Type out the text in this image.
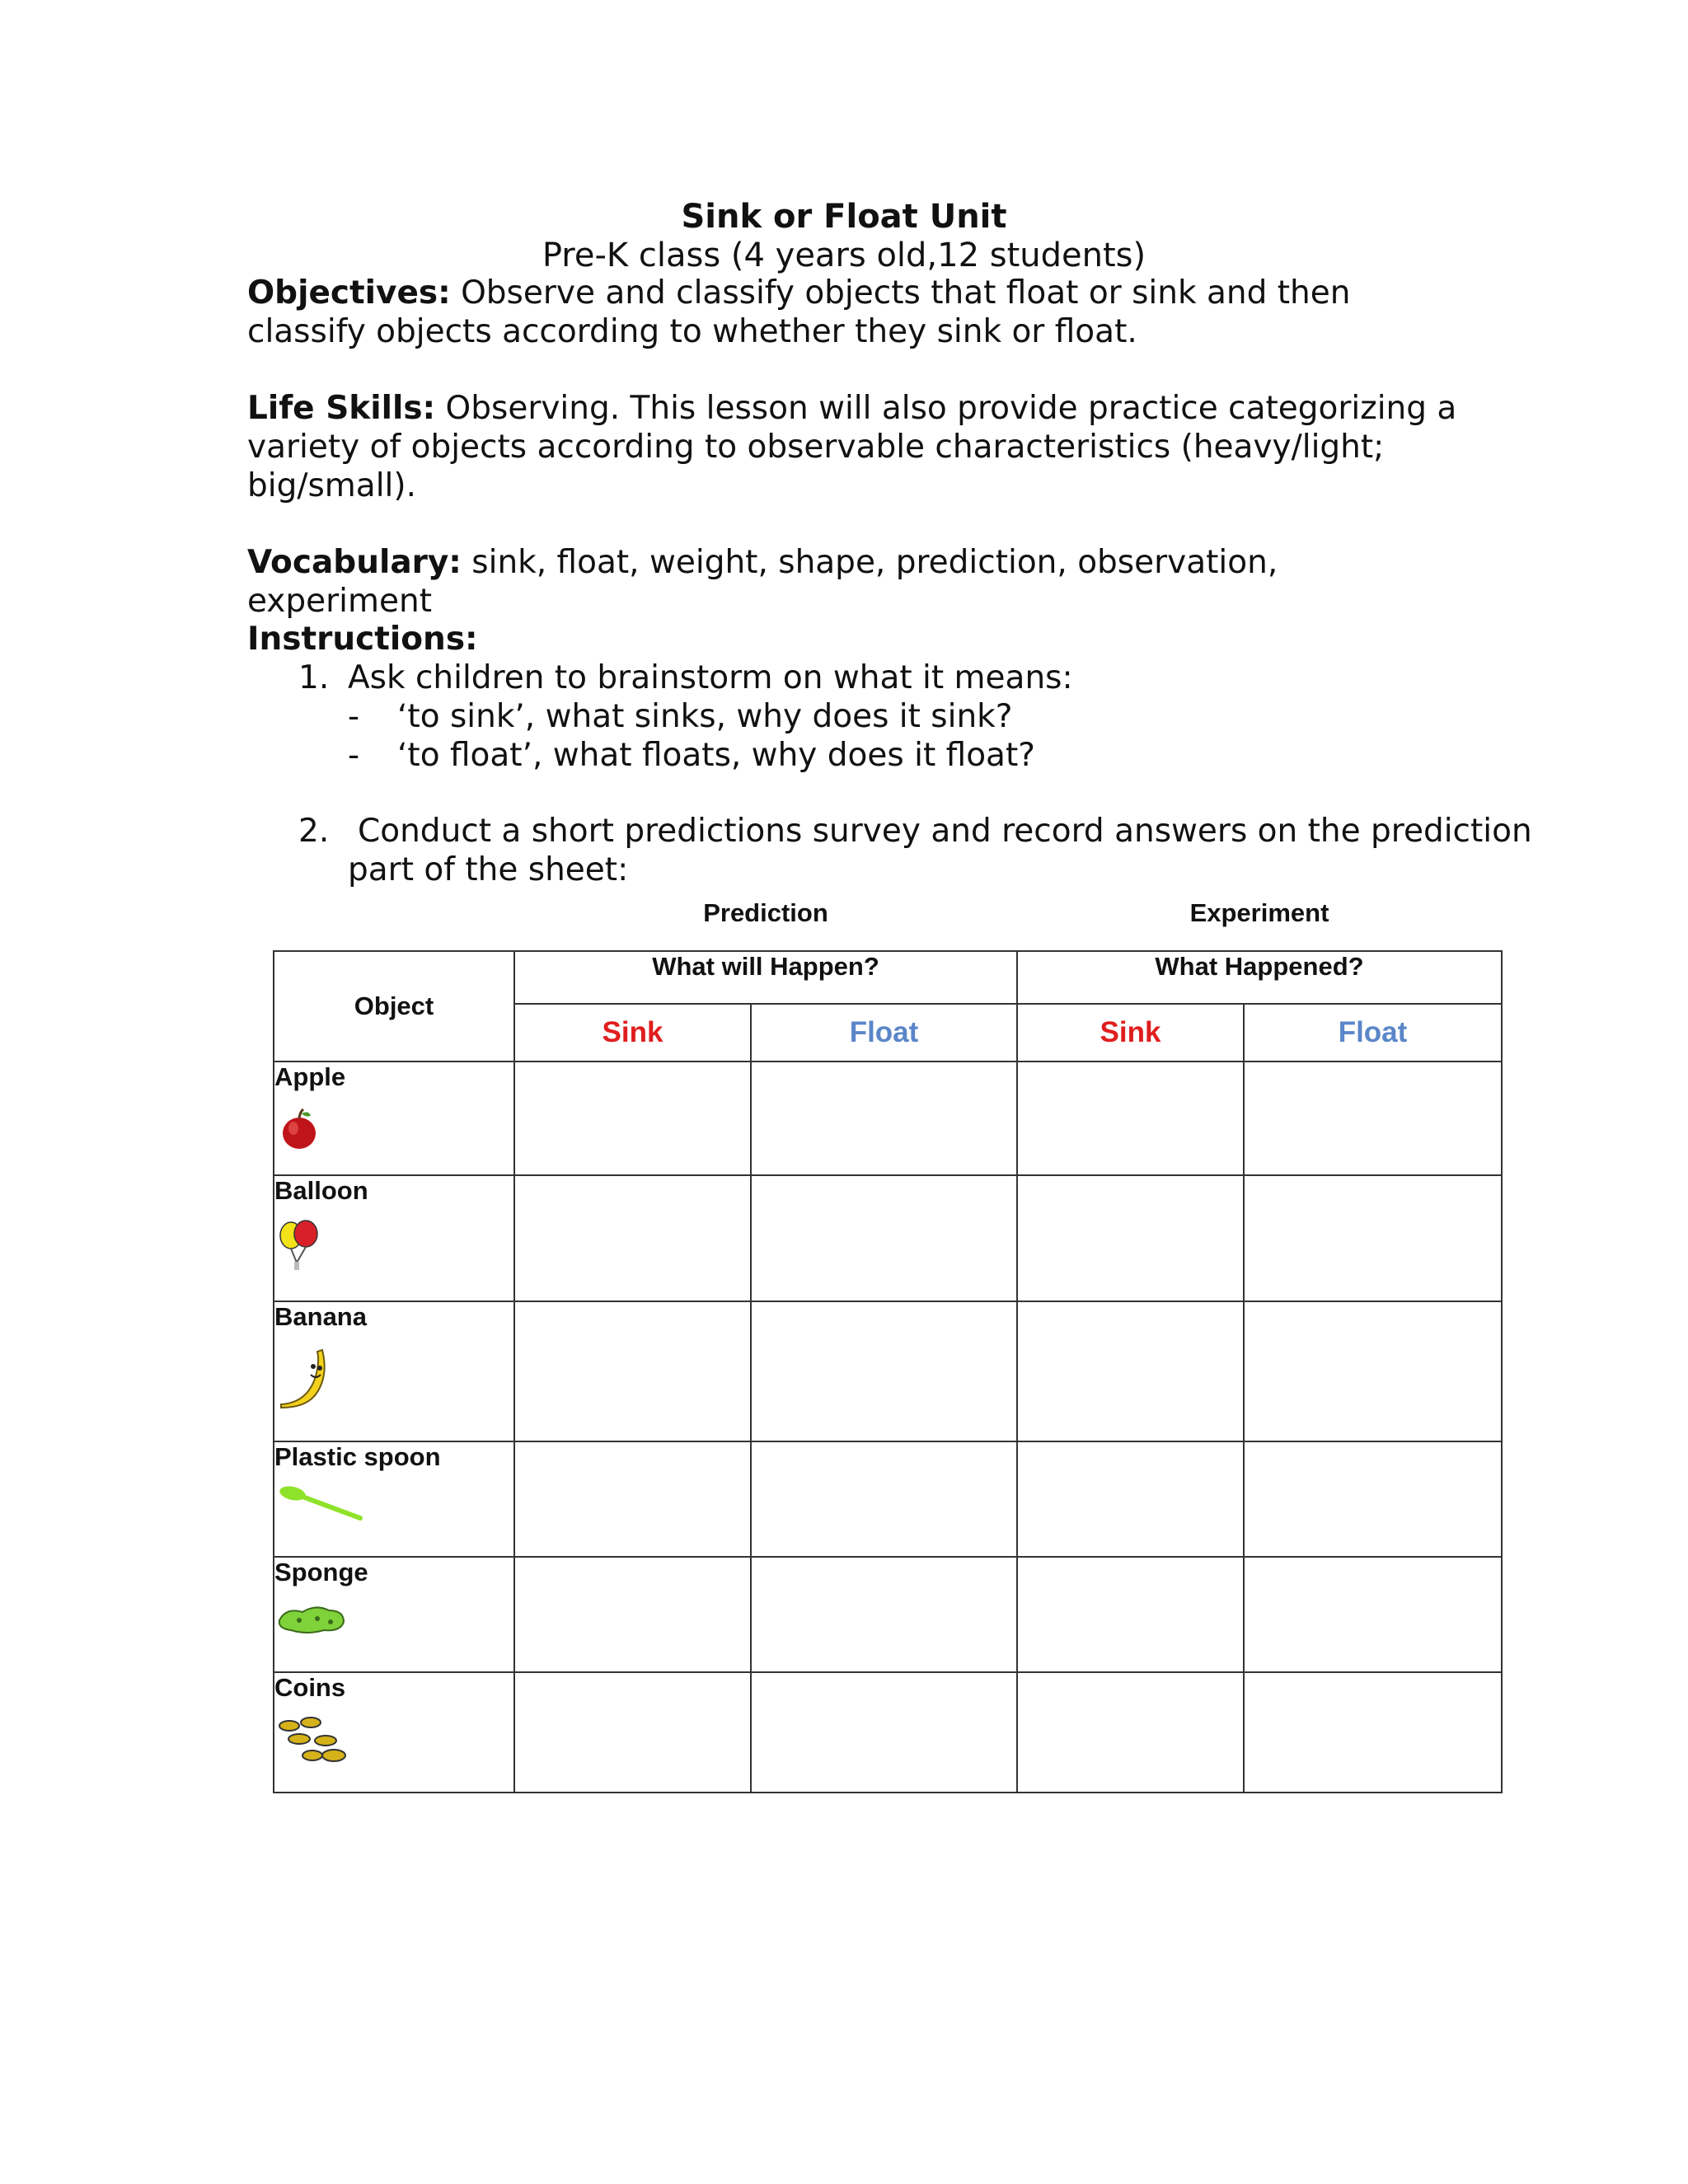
Sink or Float Unit
Pre-K class (4 years old,12 students)

Objectives: Observe and classify objects that float or sink and then classify objects according to whether they sink or float.

Life Skills: Observing. This lesson will also provide practice categorizing a variety of objects according to observable characteristics (heavy/light; big/small).

Vocabulary: sink, float, weight, shape, prediction, observation, experiment

Instructions:

1. Ask children to brainstorm on what it means:
- ‘to sink’, what sinks, why does it sink?
- ‘to float’, what floats, why does it float?
2. Conduct a short predictions survey and record answers on the prediction
part of the sheet:
Prediction	Experiment
Object	What will Happen?		What Happened?	
	Sink	Float	Sink	Float

Apple				

Balloon				

Banana				

Plastic spoon				

Sponge				

Coins				
